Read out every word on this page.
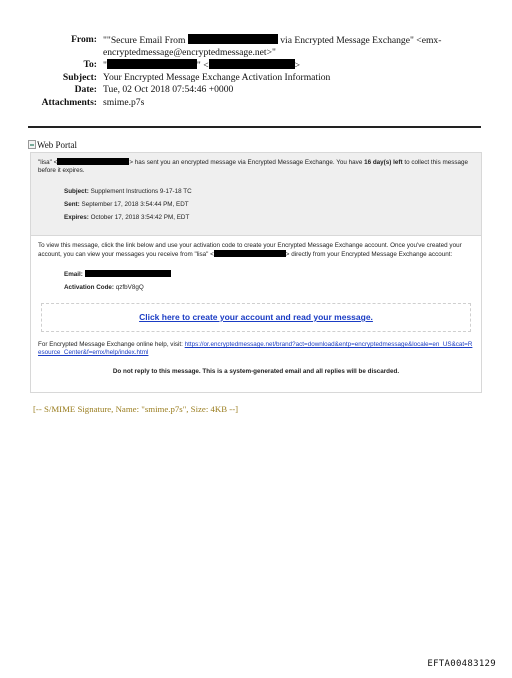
From: ""Secure Email From	via Encrypted Message Exchange" <emx-
encryptedmessage@encryptedmessage.net>"
To: "	" <	>
Subject: Your Encrypted Message Exchange Activation Information
Date: Tue, 02 Oct 2018 07:54:46 +0000
Attachments: smime.p7s
Web Portal
"lisa" <	> has sent you an encrypted message via Encrypted Message Exchange. You have 16 day(s) left to collect this message before it expires.
Subject: Supplement Instructions 9-17-18 TC
Sent: September 17, 2018 3:54:44 PM, EDT
Expires: October 17, 2018 3:54:42 PM, EDT
To view this message, click the link below and use your activation code to create your Encrypted Message Exchange account. Once you've created your account, you can view your messages you receive from "lisa" <	> directly from your Encrypted Message Exchange account:
Email:
Activation Code: qzfbV8gQ
Click here to create your account and read your message.
For Encrypted Message Exchange online help, visit: https://or.encryptedmessage.net/brand?act=download&entp=encryptedmessage&locale=en_US&cat=Resource_Center&f=emx/help/index.html
Do not reply to this message. This is a system-generated email and all replies will be discarded.
[-- S/MIME Signature, Name: "smime.p7s", Size: 4KB --]
EFTA00483129
